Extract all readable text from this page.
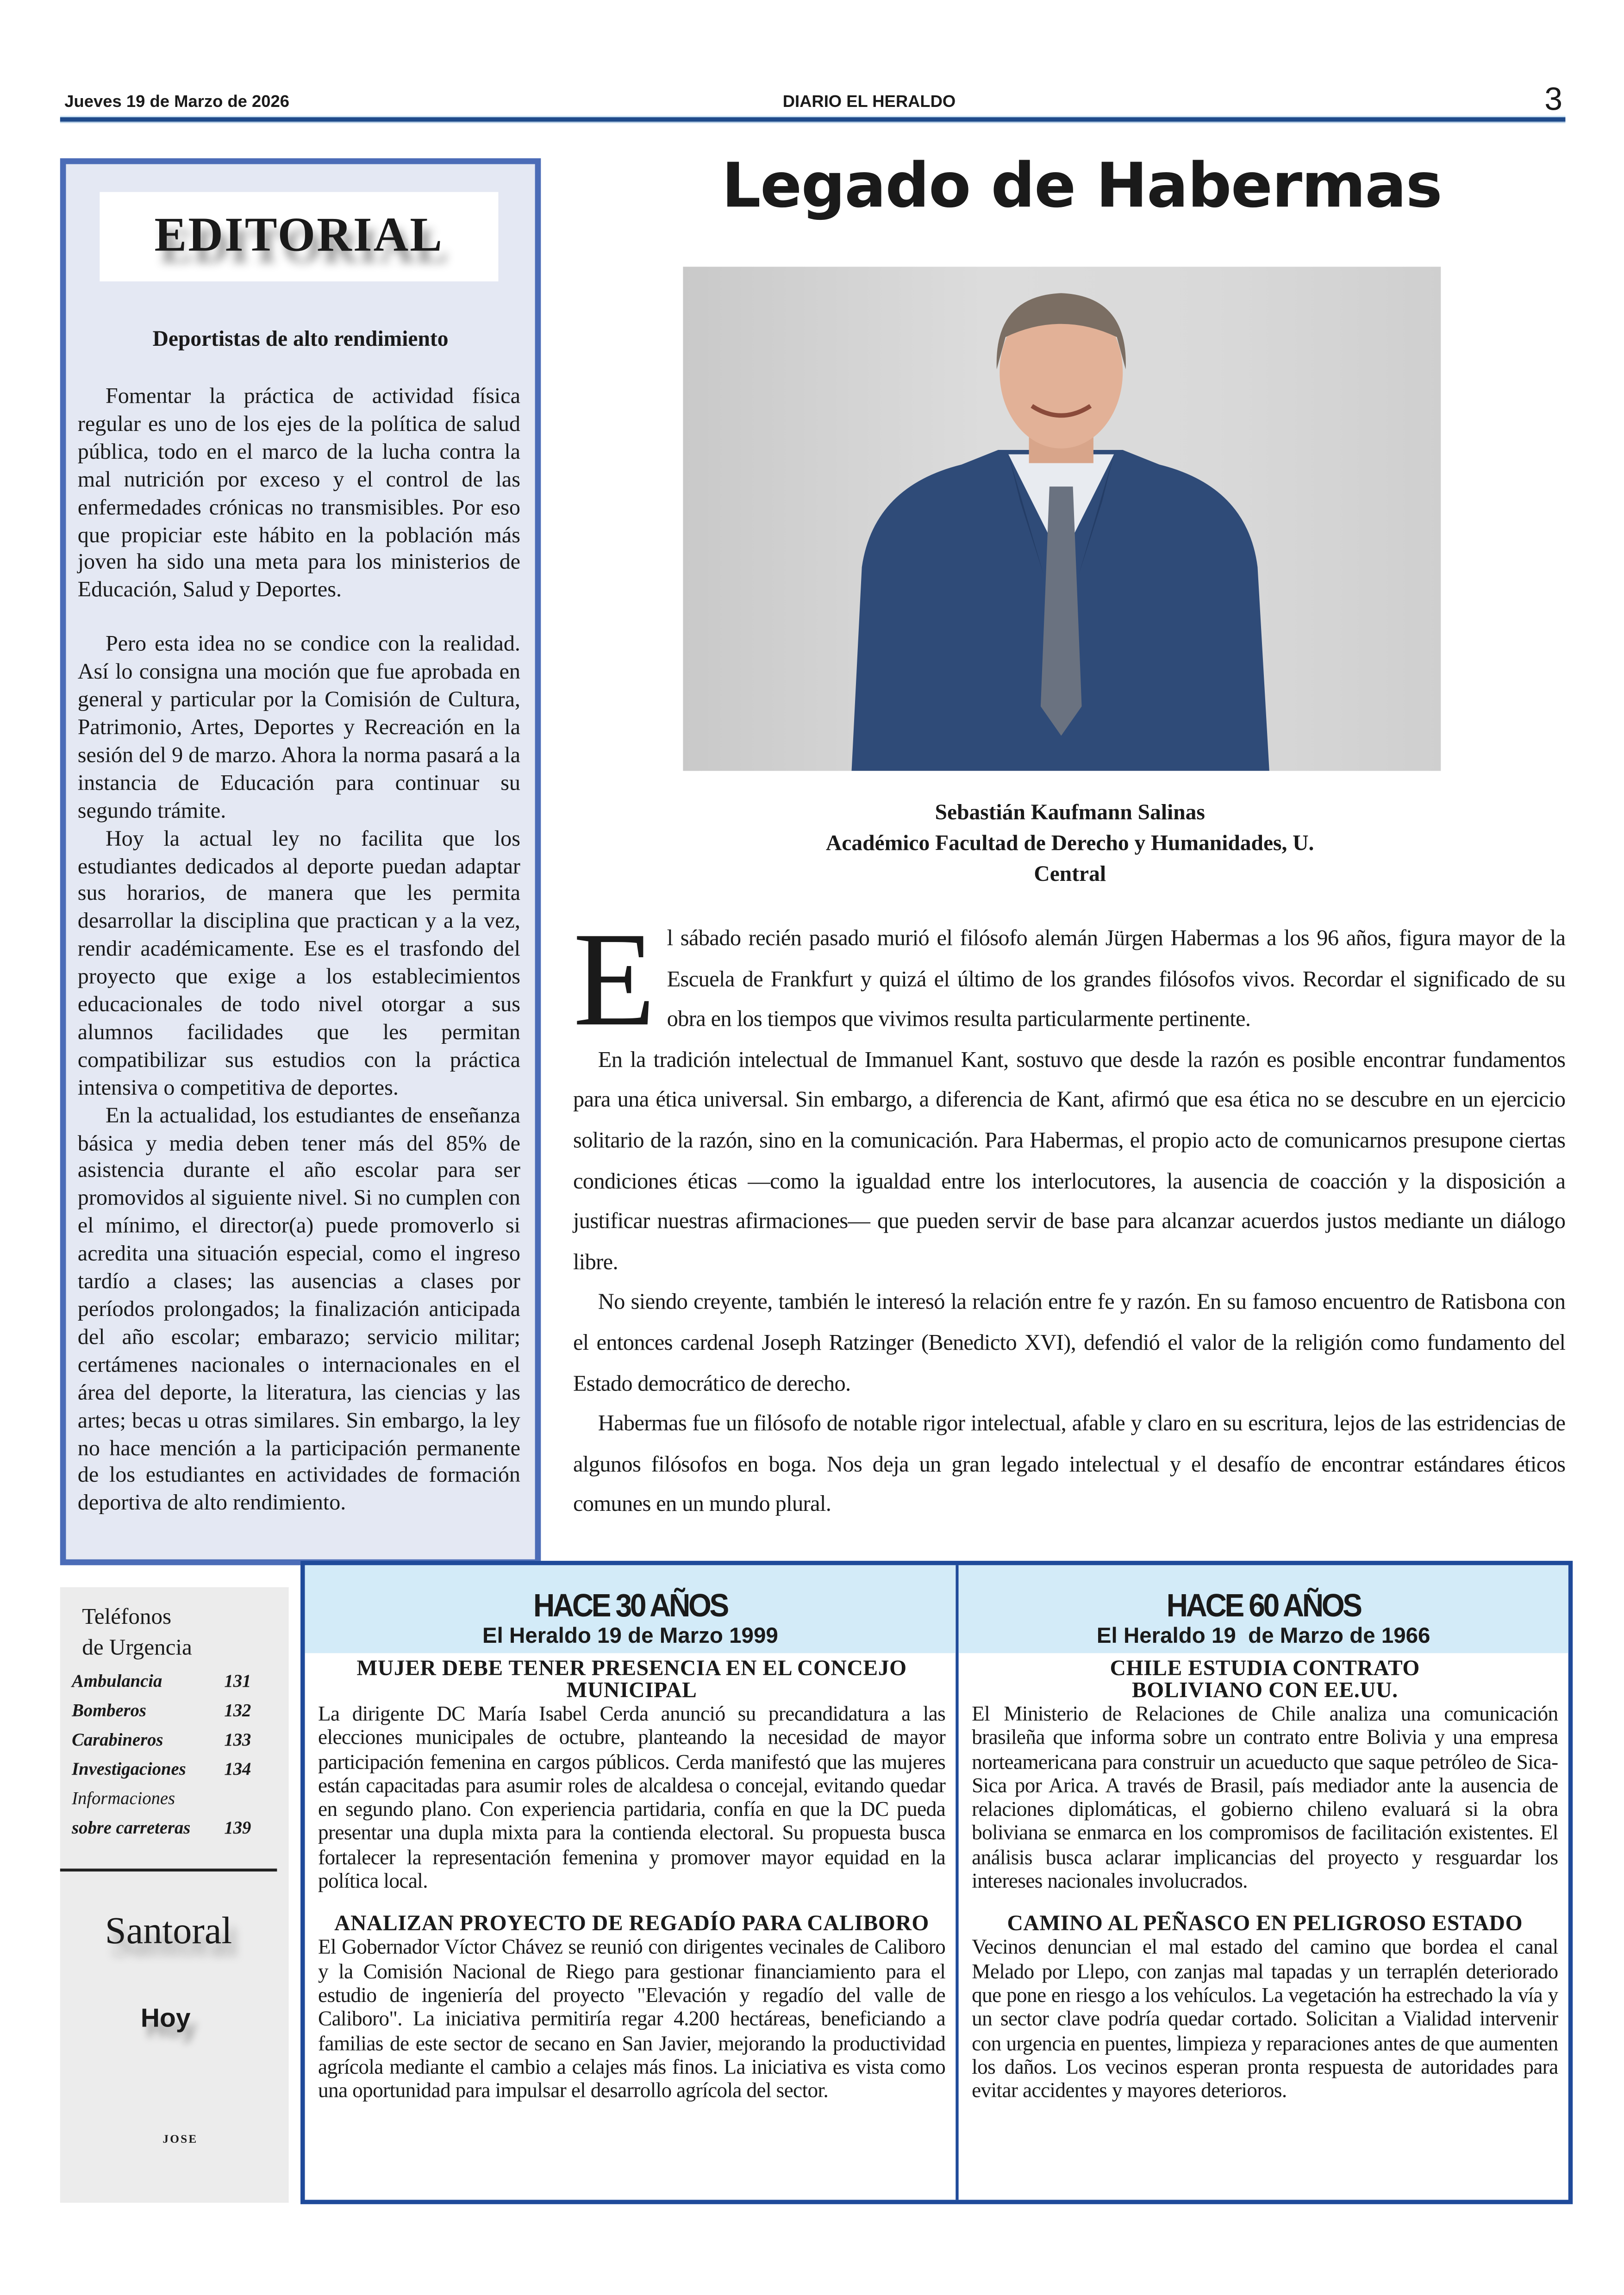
Jueves 19 de Marzo de 2026	DIARIO EL HERALDO	3
EDITORIAL
Deportistas de alto rendimiento

Fomentar la práctica de actividad física regular es uno de los ejes de la política de salud pública, todo en el marco de la lucha contra la mal nutrición por exceso y el control de las enfermedades crónicas no transmisibles. Por eso que propiciar este hábito en la población más joven ha sido una meta para los ministerios de Educación, Salud y Deportes.

Pero esta idea no se condice con la realidad. Así lo consigna una moción que fue aprobada en general y particular por la Comisión de Cultura, Patrimonio, Artes, Deportes y Recreación en la sesión del 9 de marzo. Ahora la norma pasará a la instancia de Educación para continuar su segundo trámite.

Hoy la actual ley no facilita que los estudiantes dedicados al deporte puedan adaptar sus horarios, de manera que les permita desarrollar la disciplina que practican y a la vez, rendir académicamente. Ese es el trasfondo del proyecto que exige a los establecimientos educacionales de todo nivel otorgar a sus alumnos facilidades que les permitan compatibilizar sus estudios con la práctica intensiva o competitiva de deportes.

En la actualidad, los estudiantes de enseñanza básica y media deben tener más del 85% de asistencia durante el año escolar para ser promovidos al siguiente nivel. Si no cumplen con el mínimo, el director(a) puede promoverlo si acredita una situación especial, como el ingreso tardío a clases; las ausencias a clases por períodos prolongados; la finalización anticipada del año escolar; embarazo; servicio militar; certámenes nacionales o internacionales en el área del deporte, la literatura, las ciencias y las artes; becas u otras similares. Sin embargo, la ley no hace mención a la participación permanente de los estudiantes en actividades de formación deportiva de alto rendimiento.

Legado de Habermas
Sebastián Kaufmann Salinas
Académico Facultad de Derecho y Humanidades, U. Central

E l sábado recién pasado murió el filósofo alemán Jürgen Habermas a los 96 años, figura mayor de la Escuela de Frankfurt y quizá el último de los grandes filósofos vivos. Recordar el significado de su obra en los tiempos que vivimos resulta particularmente pertinente.

En la tradición intelectual de Immanuel Kant, sostuvo que desde la razón es posible encontrar fundamentos para una ética universal. Sin embargo, a diferencia de Kant, afirmó que esa ética no se descubre en un ejercicio solitario de la razón, sino en la comunicación. Para Habermas, el propio acto de comunicarnos presupone ciertas condiciones éticas —como la igualdad entre los interlocutores, la ausencia de coacción y la disposición a justificar nuestras afirmaciones— que pueden servir de base para alcanzar acuerdos justos mediante un diálogo libre.

No siendo creyente, también le interesó la relación entre fe y razón. En su famoso encuentro de Ratisbona con el entonces cardenal Joseph Ratzinger (Benedicto XVI), defendió el valor de la religión como fundamento del Estado democrático de derecho.

Habermas fue un filósofo de notable rigor intelectual, afable y claro en su escritura, lejos de las estridencias de algunos filósofos en boga. Nos deja un gran legado intelectual y el desafío de encontrar estándares éticos comunes en un mundo plural.

Teléfonos
de Urgencia
Ambulancia	131
Bomberos	132
Carabineros	133
Investigaciones	134
Informaciones
sobre carreteras	139
Santoral
Hoy
JOSE
HACE 30 AÑOS
El Heraldo 19 de Marzo 1999
MUJER DEBE TENER PRESENCIA EN EL CONCEJO MUNICIPAL

La dirigente DC María Isabel Cerda anunció su precandidatura a las elecciones municipales de octubre, planteando la necesidad de mayor participación femenina en cargos públicos. Cerda manifestó que las mujeres están capacitadas para asumir roles de alcaldesa o concejal, evitando quedar en segundo plano. Con experiencia partidaria, confía en que la DC pueda presentar una dupla mixta para la contienda electoral. Su propuesta busca fortalecer la representación femenina y promover mayor equidad en la política local.

ANALIZAN PROYECTO DE REGADÍO PARA CALIBORO

El Gobernador Víctor Chávez se reunió con dirigentes vecinales de Caliboro y la Comisión Nacional de Riego para gestionar financiamiento para el estudio de ingeniería del proyecto "Elevación y regadío del valle de Caliboro". La iniciativa permitiría regar 4.200 hectáreas, beneficiando a familias de este sector de secano en San Javier, mejorando la productividad agrícola mediante el cambio a celajes más finos. La iniciativa es vista como una oportunidad para impulsar el desarrollo agrícola del sector.

HACE 60 AÑOS
El Heraldo 19  de Marzo de 1966
CHILE ESTUDIA CONTRATO BOLIVIANO CON EE.UU.

El Ministerio de Relaciones de Chile analiza una comunicación brasileña que informa sobre un contrato entre Bolivia y una empresa norteamericana para construir un acueducto que saque petróleo de Sica-Sica por Arica. A través de Brasil, país mediador ante la ausencia de relaciones diplomáticas, el gobierno chileno evaluará si la obra boliviana se enmarca en los compromisos de facilitación existentes. El análisis busca aclarar implicancias del proyecto y resguardar los intereses nacionales involucrados.

CAMINO AL PEÑASCO EN PELIGROSO ESTADO

Vecinos denuncian el mal estado del camino que bordea el canal Melado por Llepo, con zanjas mal tapadas y un terraplén deteriorado que pone en riesgo a los vehículos. La vegetación ha estrechado la vía y un sector clave podría quedar cortado. Solicitan a Vialidad intervenir con urgencia en puentes, limpieza y reparaciones antes de que aumenten los daños. Los vecinos esperan pronta respuesta de autoridades para evitar accidentes y mayores deterioros.
